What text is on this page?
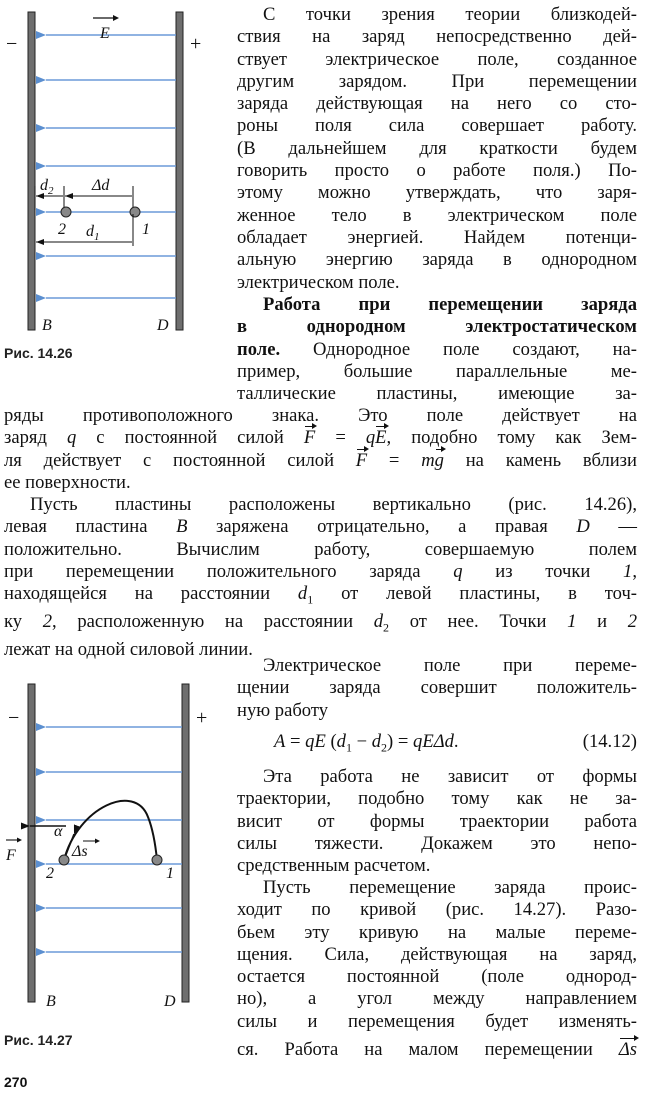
E
−	+
$d_2$ Δd
2	1
$d_1$
B	D
Рис. 14.26
−	+
F
α
Δs
2	1
B	D
Рис. 14.27
С точки зрения теории близкодей-
ствия на заряд непосредственно дей-
ствует электрическое поле, созданное
другим зарядом. При перемещении
заряда действующая на него со сто-
роны поля сила совершает работу.
(В дальнейшем для краткости будем
говорить просто о работе поля.) По-
этому можно утверждать, что заря-
женное тело в электрическом поле
обладает энергией. Найдем потенци-
альную энергию заряда в однородном
электрическом поле.
Работа при перемещении заряда
в	однородном	электростатическом
поле. Однородное поле создают, на-
пример, большие параллельные ме-
таллические пластины, имеющие за-
ряды противоположного знака. Это поле действует на
заряд q с постоянной силой F = qE, подобно тому как Зем-
ля действует с постоянной силой F = mg на камень вблизи
ее поверхности.
Пусть пластины расположены вертикально (рис. 14.26),
левая пластина B заряжена отрицательно, а правая D —
положительно. Вычислим работу, совершаемую полем
при перемещении положительного заряда q из точки 1,
находящейся на расстоянии $d_1$ от левой пластины, в точ-
ку 2, расположенную на расстоянии $d_2$ от нее. Точки 1 и 2
лежат на одной силовой линии.
Электрическое поле при переме-
щении заряда совершит положитель-
ную работу
A = qE $(d_1 - d_2) = qE\Delta d$.	(14.12)
Эта работа не зависит от формы
траектории, подобно тому как не за-
висит от формы траектории работа
силы тяжести. Докажем это непо-
средственным расчетом.
Пусть перемещение заряда проис-
ходит по кривой (рис. 14.27). Разо-
бьем эту кривую на малые переме-
щения. Сила, действующая на заряд,
остается постоянной (поле однород-
но), а угол между направлением
силы и перемещения будет изменять-
ся. Работа на малом перемещении Δs
270
